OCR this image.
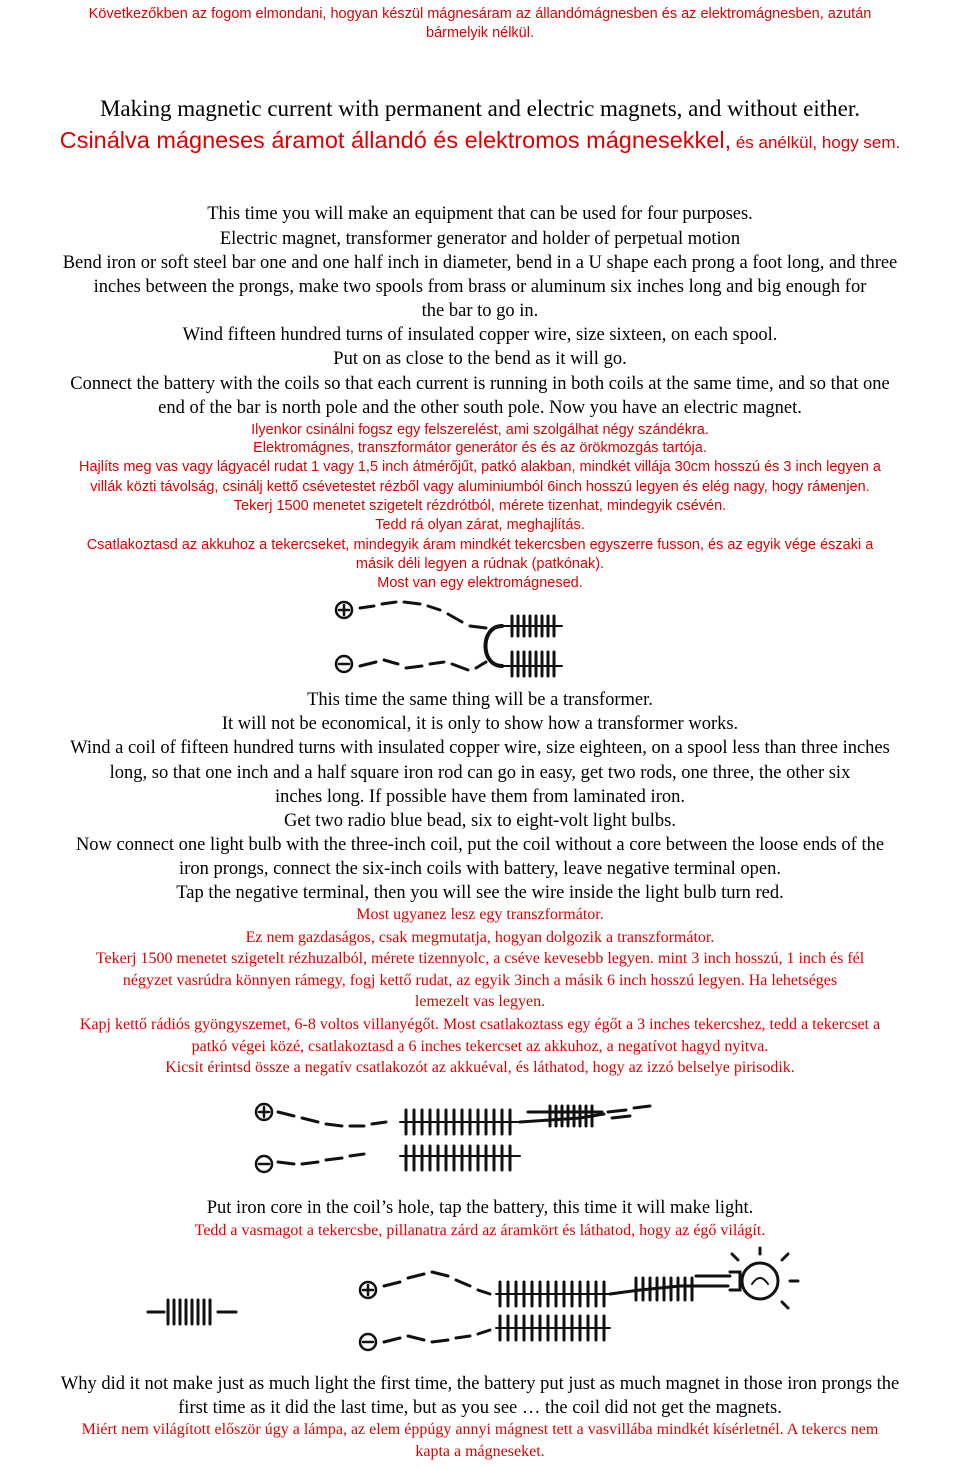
Következőkben az fogom elmondani, hogyan készül mágnesáram az állandómágnesben és az elektromágnesben, azután
bármelyik nélkül.
Making magnetic current with permanent and electric magnets, and without either.
Csinálva mágneses áramot állandó és elektromos mágnesekkel, és anélkül, hogy sem.
This time you will make an equipment that can be used for four purposes.
Electric magnet, transformer generator and holder of perpetual motion
Bend iron or soft steel bar one and one half inch in diameter, bend in a U shape each prong a foot long, and three
inches between the prongs, make two spools from brass or aluminum six inches long and big enough for
the bar to go in.
Wind fifteen hundred turns of insulated copper wire, size sixteen, on each spool.
Put on as close to the bend as it will go.
Connect the battery with the coils so that each current is running in both coils at the same time, and so that one
end of the bar is north pole and the other south pole. Now you have an electric magnet.
Ilyenkor csinálni fogsz egy felszerelést, ami szolgálhat négy szándékra.
Elektromágnes, transzformátor generátor és és az örökmozgás tartója.
Hajlíts meg vas vagy lágyacél rudat 1 vagy 1,5 inch átmérőjűt, patkó alakban, mindkét villája 30cm hosszú és 3 inch legyen a
villák közti távolság, csinálj kettő csévetestet rézből vagy aluminiumból 6inch hosszú legyen és elég nagy, hogy ráмеnjen.
Tekerj 1500 menetet szigetelt rézdrótból, mérete tizenhat, mindegyik csévén.
Tedd rá olyan zárat, meghajlítás.
Csatlakoztasd az akkuhoz a tekercseket, mindegyik áram mindkét tekercsben egyszerre fusson, és az egyik vége északi a
másik déli legyen a rúdnak (patkónak).
Most van egy elektromágnesed.
This time the same thing will be a transformer.
It will not be economical, it is only to show how a transformer works.
Wind a coil of fifteen hundred turns with insulated copper wire, size eighteen, on a spool less than three inches
long, so that one inch and a half square iron rod can go in easy, get two rods, one three, the other six
inches long. If possible have them from laminated iron.
Get two radio blue bead, six to eight-volt light bulbs.
Now connect one light bulb with the three-inch coil, put the coil without a core between the loose ends of the
iron prongs, connect the six-inch coils with battery, leave negative terminal open.
Tap the negative terminal, then you will see the wire inside the light bulb turn red.
Most ugyanez lesz egy transzformátor.
Ez nem gazdaságos, csak megmutatja, hogyan dolgozik a transzformátor.
Tekerj 1500 menetet szigetelt rézhuzalból, mérete tizennyolc, a cséve kevesebb legyen. mint 3 inch hosszú, 1 inch és fél
négyzet vasrúdra könnyen rámegy, fogj kettő rudat, az egyik 3inch a másik 6 inch hosszú legyen. Ha lehetséges
lemezelt vas legyen.
Kapj kettő rádiós gyöngyszemet, 6-8 voltos villanyégőt. Most csatlakoztass egy égőt a 3 inches tekercshez, tedd a tekercset a
patkó végei közé, csatlakoztasd a 6 inches tekercset az akkuhoz, a negatívot hagyd nyitva.
Kicsit érintsd össze a negatív csatlakozót az akkuéval, és láthatod, hogy az izzó belselye pirisodik.
Put iron core in the coil’s hole, tap the battery, this time it will make light.
Tedd a vasmagot a tekercsbe, pillanatra zárd az áramkört és láthatod, hogy az égő világít.
Why did it not make just as much light the first time, the battery put just as much magnet in those iron prongs the
first time as it did the last time, but as you see … the coil did not get the magnets.
Miért nem világított először úgy a lámpa, az elem éppúgy annyi mágnest tett a vasvillába mindkét kísérletnél. A tekercs nem
kapta a mágneseket.
